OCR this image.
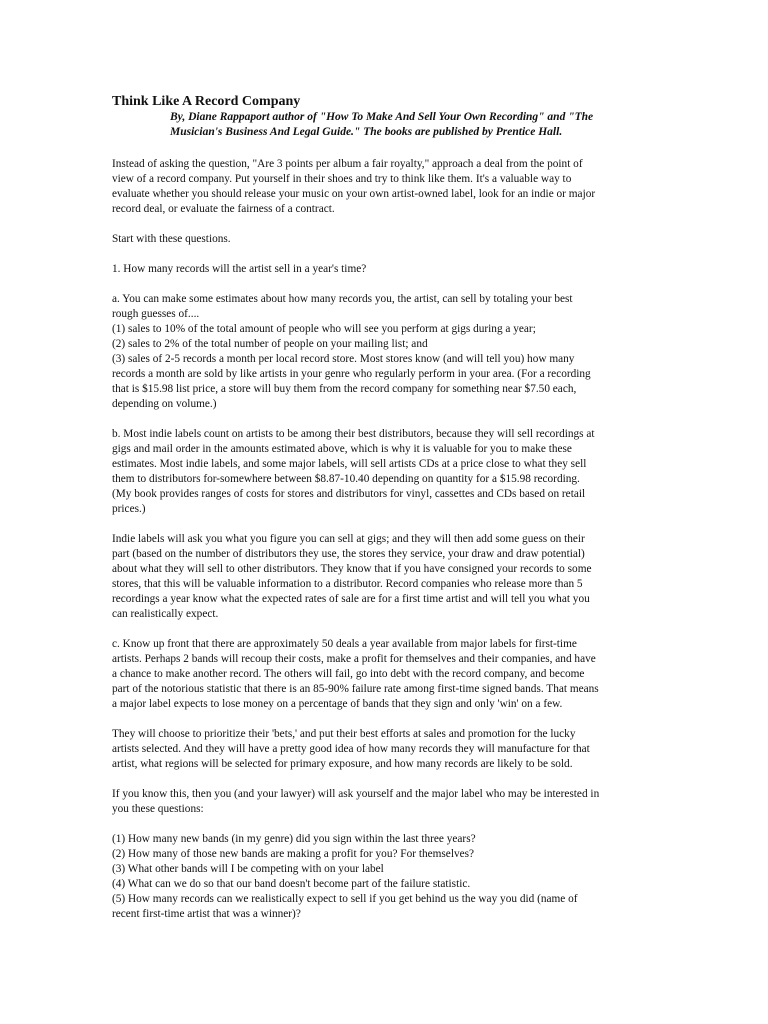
Think Like A Record Company

By, Diane Rappaport author of "How To Make And Sell Your Own Recording" and "The

Musician's Business And Legal Guide." The books are published by Prentice Hall.

Instead of asking the question, "Are 3 points per album a fair royalty," approach a deal from the point of

view of a record company. Put yourself in their shoes and try to think like them. It's a valuable way to

evaluate whether you should release your music on your own artist-owned label, look for an indie or major

record deal, or evaluate the fairness of a contract.

Start with these questions.

1. How many records will the artist sell in a year's time?

a. You can make some estimates about how many records you, the artist, can sell by totaling your best

rough guesses of....

(1) sales to 10% of the total amount of people who will see you perform at gigs during a year;

(2) sales to 2% of the total number of people on your mailing list; and

(3) sales of 2-5 records a month per local record store. Most stores know (and will tell you) how many

records a month are sold by like artists in your genre who regularly perform in your area. (For a recording

that is $15.98 list price, a store will buy them from the record company for something near $7.50 each,

depending on volume.)

b. Most indie labels count on artists to be among their best distributors, because they will sell recordings at

gigs and mail order in the amounts estimated above, which is why it is valuable for you to make these

estimates. Most indie labels, and some major labels, will sell artists CDs at a price close to what they sell

them to distributors for-somewhere between $8.87-10.40 depending on quantity for a $15.98 recording.

(My book provides ranges of costs for stores and distributors for vinyl, cassettes and CDs based on retail

prices.)

Indie labels will ask you what you figure you can sell at gigs; and they will then add some guess on their

part (based on the number of distributors they use, the stores they service, your draw and draw potential)

about what they will sell to other distributors. They know that if you have consigned your records to some

stores, that this will be valuable information to a distributor. Record companies who release more than 5

recordings a year know what the expected rates of sale are for a first time artist and will tell you what you

can realistically expect.

c. Know up front that there are approximately 50 deals a year available from major labels for first-time

artists. Perhaps 2 bands will recoup their costs, make a profit for themselves and their companies, and have

a chance to make another record. The others will fail, go into debt with the record company, and become

part of the notorious statistic that there is an 85-90% failure rate among first-time signed bands. That means

a major label expects to lose money on a percentage of bands that they sign and only 'win' on a few.

They will choose to prioritize their 'bets,' and put their best efforts at sales and promotion for the lucky

artists selected. And they will have a pretty good idea of how many records they will manufacture for that

artist, what regions will be selected for primary exposure, and how many records are likely to be sold.

If you know this, then you (and your lawyer) will ask yourself and the major label who may be interested in

you these questions:

(1) How many new bands (in my genre) did you sign within the last three years?

(2) How many of those new bands are making a profit for you? For themselves?

(3) What other bands will I be competing with on your label

(4) What can we do so that our band doesn't become part of the failure statistic.

(5) How many records can we realistically expect to sell if you get behind us the way you did (name of

recent first-time artist that was a winner)?
